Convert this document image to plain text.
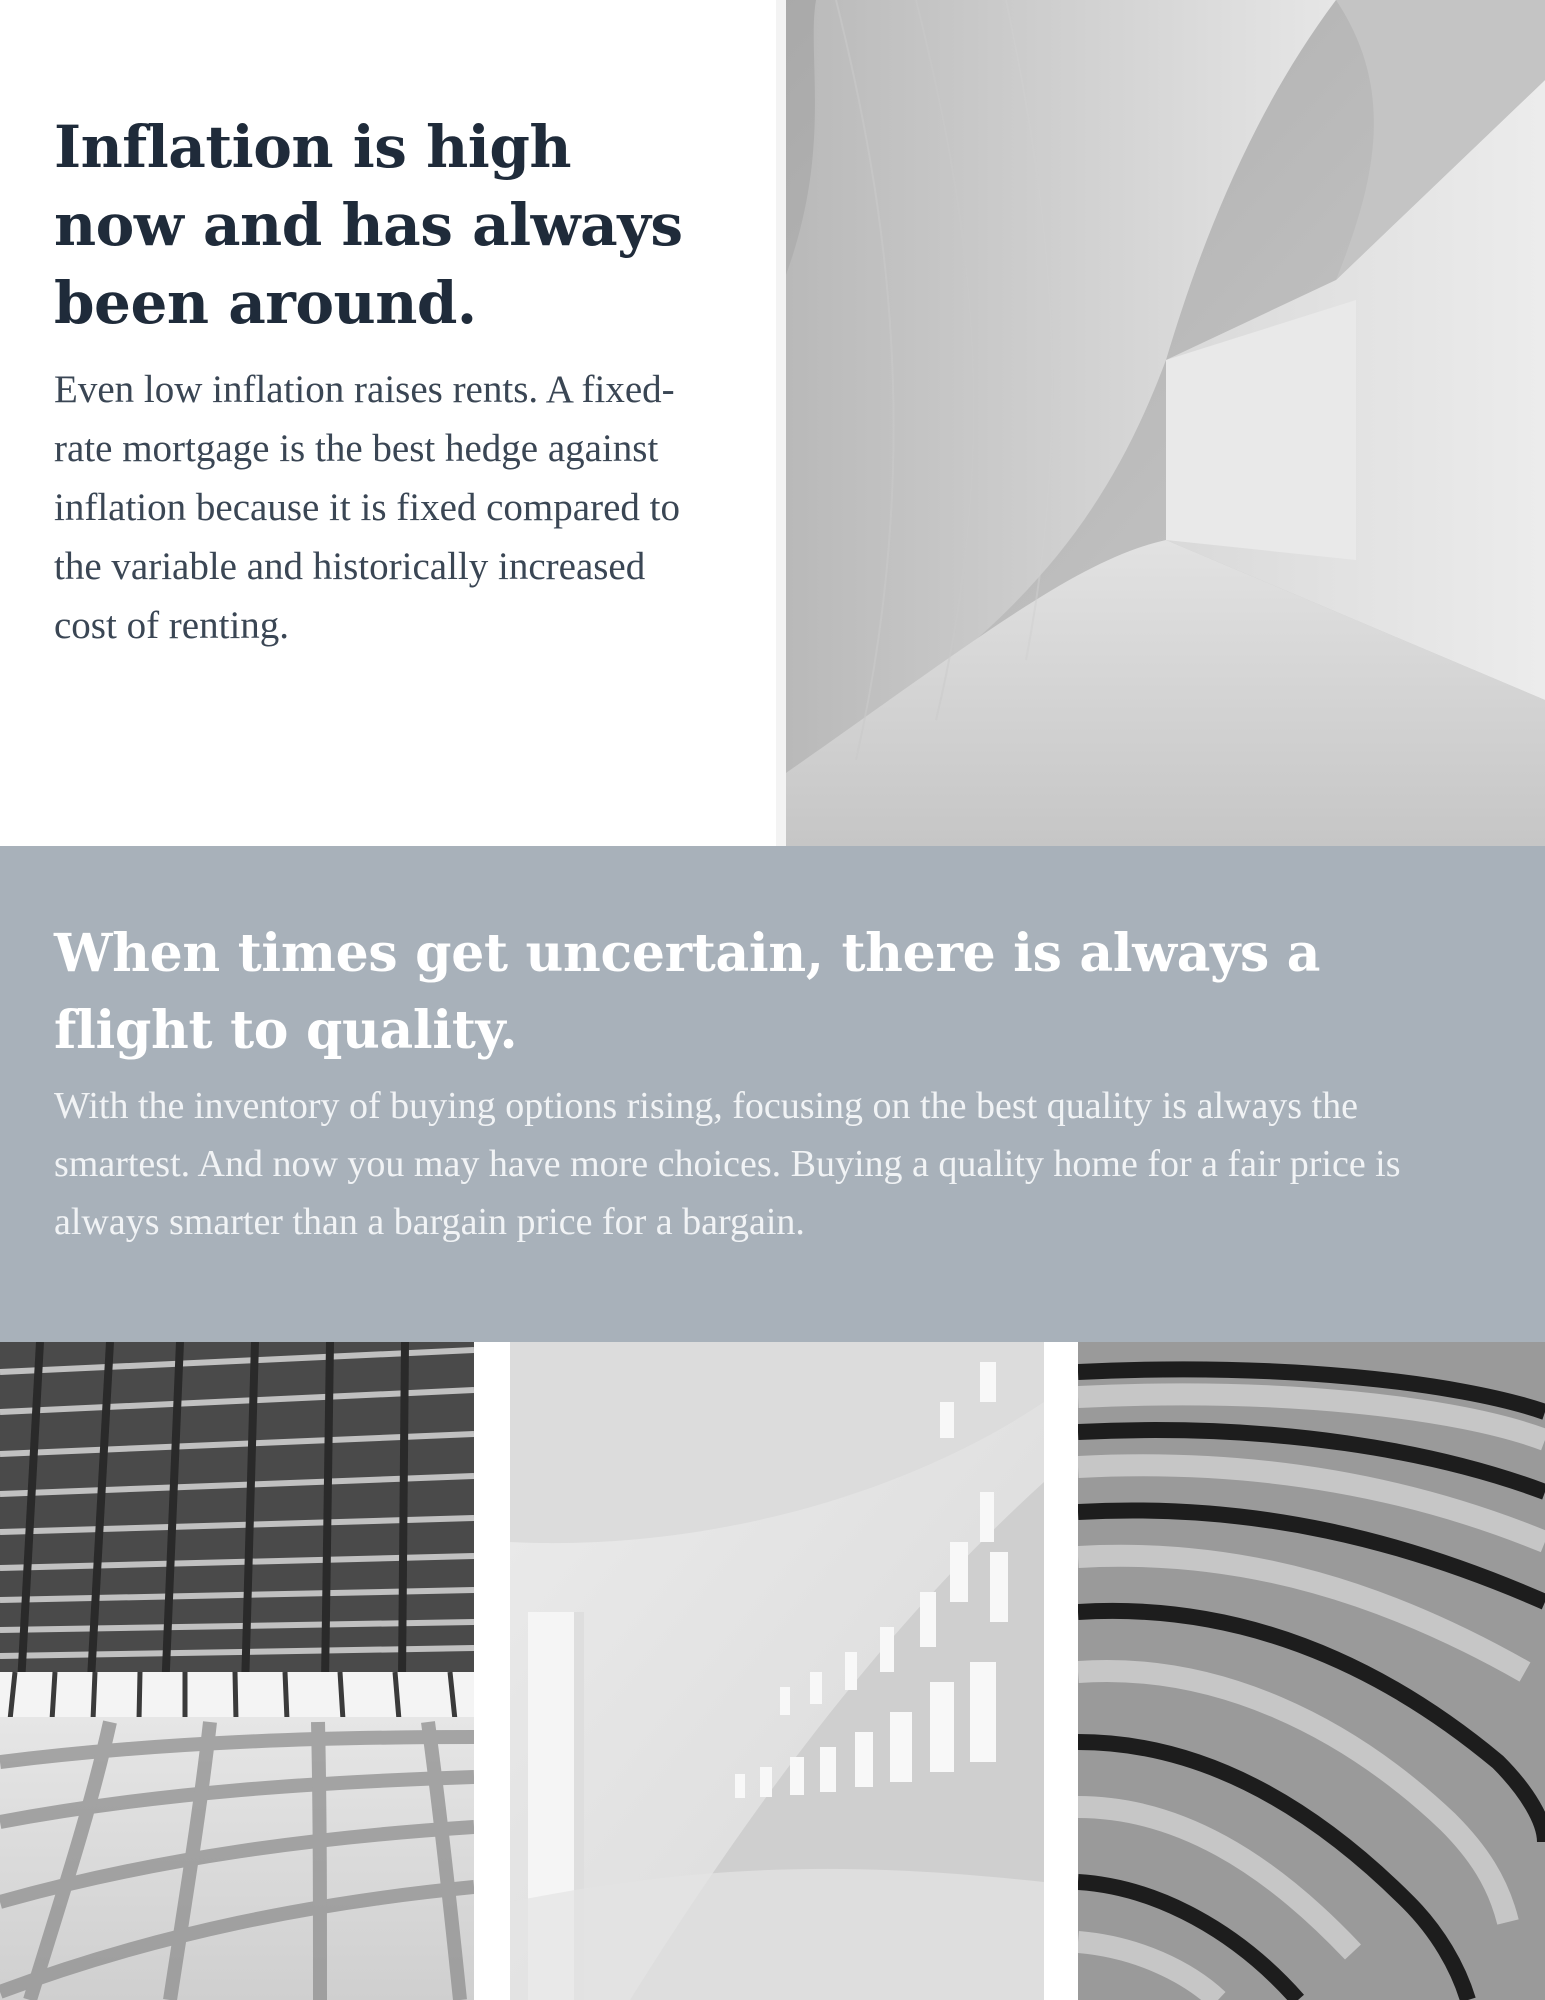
Inflation is high now and has always been around.

Even low inflation raises rents. A fixed-rate mortgage is the best hedge against inflation because it is fixed compared to the variable and historically increased cost of renting.

When times get uncertain, there is always a flight to quality.

With the inventory of buying options rising, focusing on the best quality is always the smartest. And now you may have more choices. Buying a quality home for a fair price is always smarter than a bargain price for a bargain.
